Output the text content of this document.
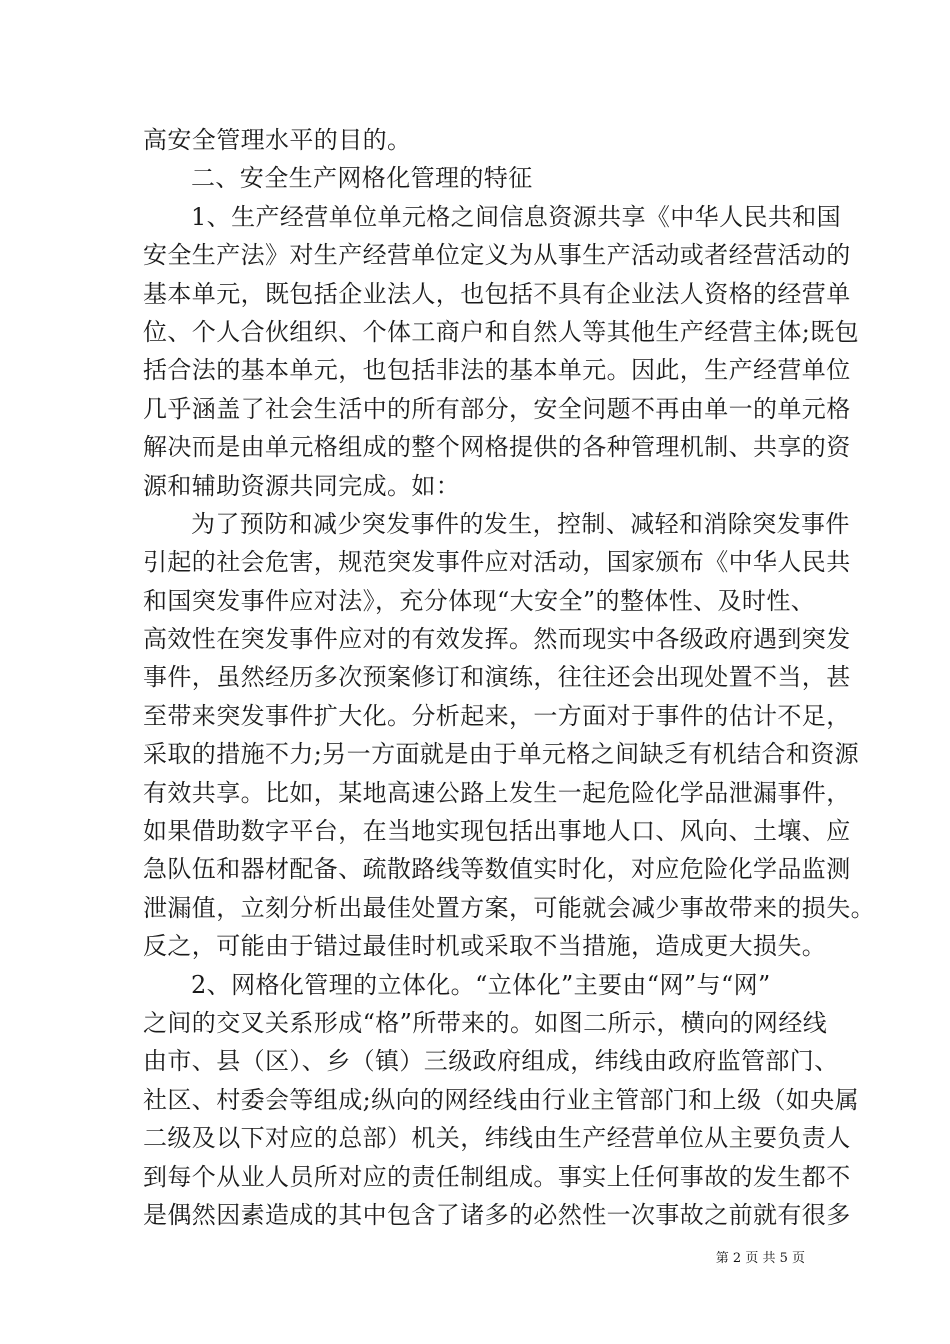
高安全管理水平的目的。
二、安全生产网格化管理的特征
1、生产经营单位单元格之间信息资源共享《中华人民共和国
安全生产法》对生产经营单位定义为从事生产活动或者经营活动的
基本单元，既包括企业法人，也包括不具有企业法人资格的经营单
位、个人合伙组织、个体工商户和自然人等其他生产经营主体;既包
括合法的基本单元，也包括非法的基本单元。因此，生产经营单位
几乎涵盖了社会生活中的所有部分，安全问题不再由单一的单元格
解决而是由单元格组成的整个网格提供的各种管理机制、共享的资
源和辅助资源共同完成。如：
为了预防和减少突发事件的发生，控制、减轻和消除突发事件
引起的社会危害，规范突发事件应对活动，国家颁布《中华人民共
和国突发事件应对法》，充分体现“大安全”的整体性、及时性、
高效性在突发事件应对的有效发挥。然而现实中各级政府遇到突发
事件，虽然经历多次预案修订和演练，往往还会出现处置不当，甚
至带来突发事件扩大化。分析起来，一方面对于事件的估计不足，
采取的措施不力;另一方面就是由于单元格之间缺乏有机结合和资源
有效共享。比如，某地高速公路上发生一起危险化学品泄漏事件，
如果借助数字平台，在当地实现包括出事地人口、风向、土壤、应
急队伍和器材配备、疏散路线等数值实时化，对应危险化学品监测
泄漏值，立刻分析出最佳处置方案，可能就会减少事故带来的损失。
反之，可能由于错过最佳时机或采取不当措施，造成更大损失。
2、网格化管理的立体化。“立体化”主要由“网”与“网”
之间的交叉关系形成“格”所带来的。如图二所示，横向的网经线
由市、县（区）、乡（镇）三级政府组成，纬线由政府监管部门、
社区、村委会等组成;纵向的网经线由行业主管部门和上级（如央属
二级及以下对应的总部）机关，纬线由生产经营单位从主要负责人
到每个从业人员所对应的责任制组成。事实上任何事故的发生都不
是偶然因素造成的其中包含了诸多的必然性一次事故之前就有很多
第 2 页 共 5 页
